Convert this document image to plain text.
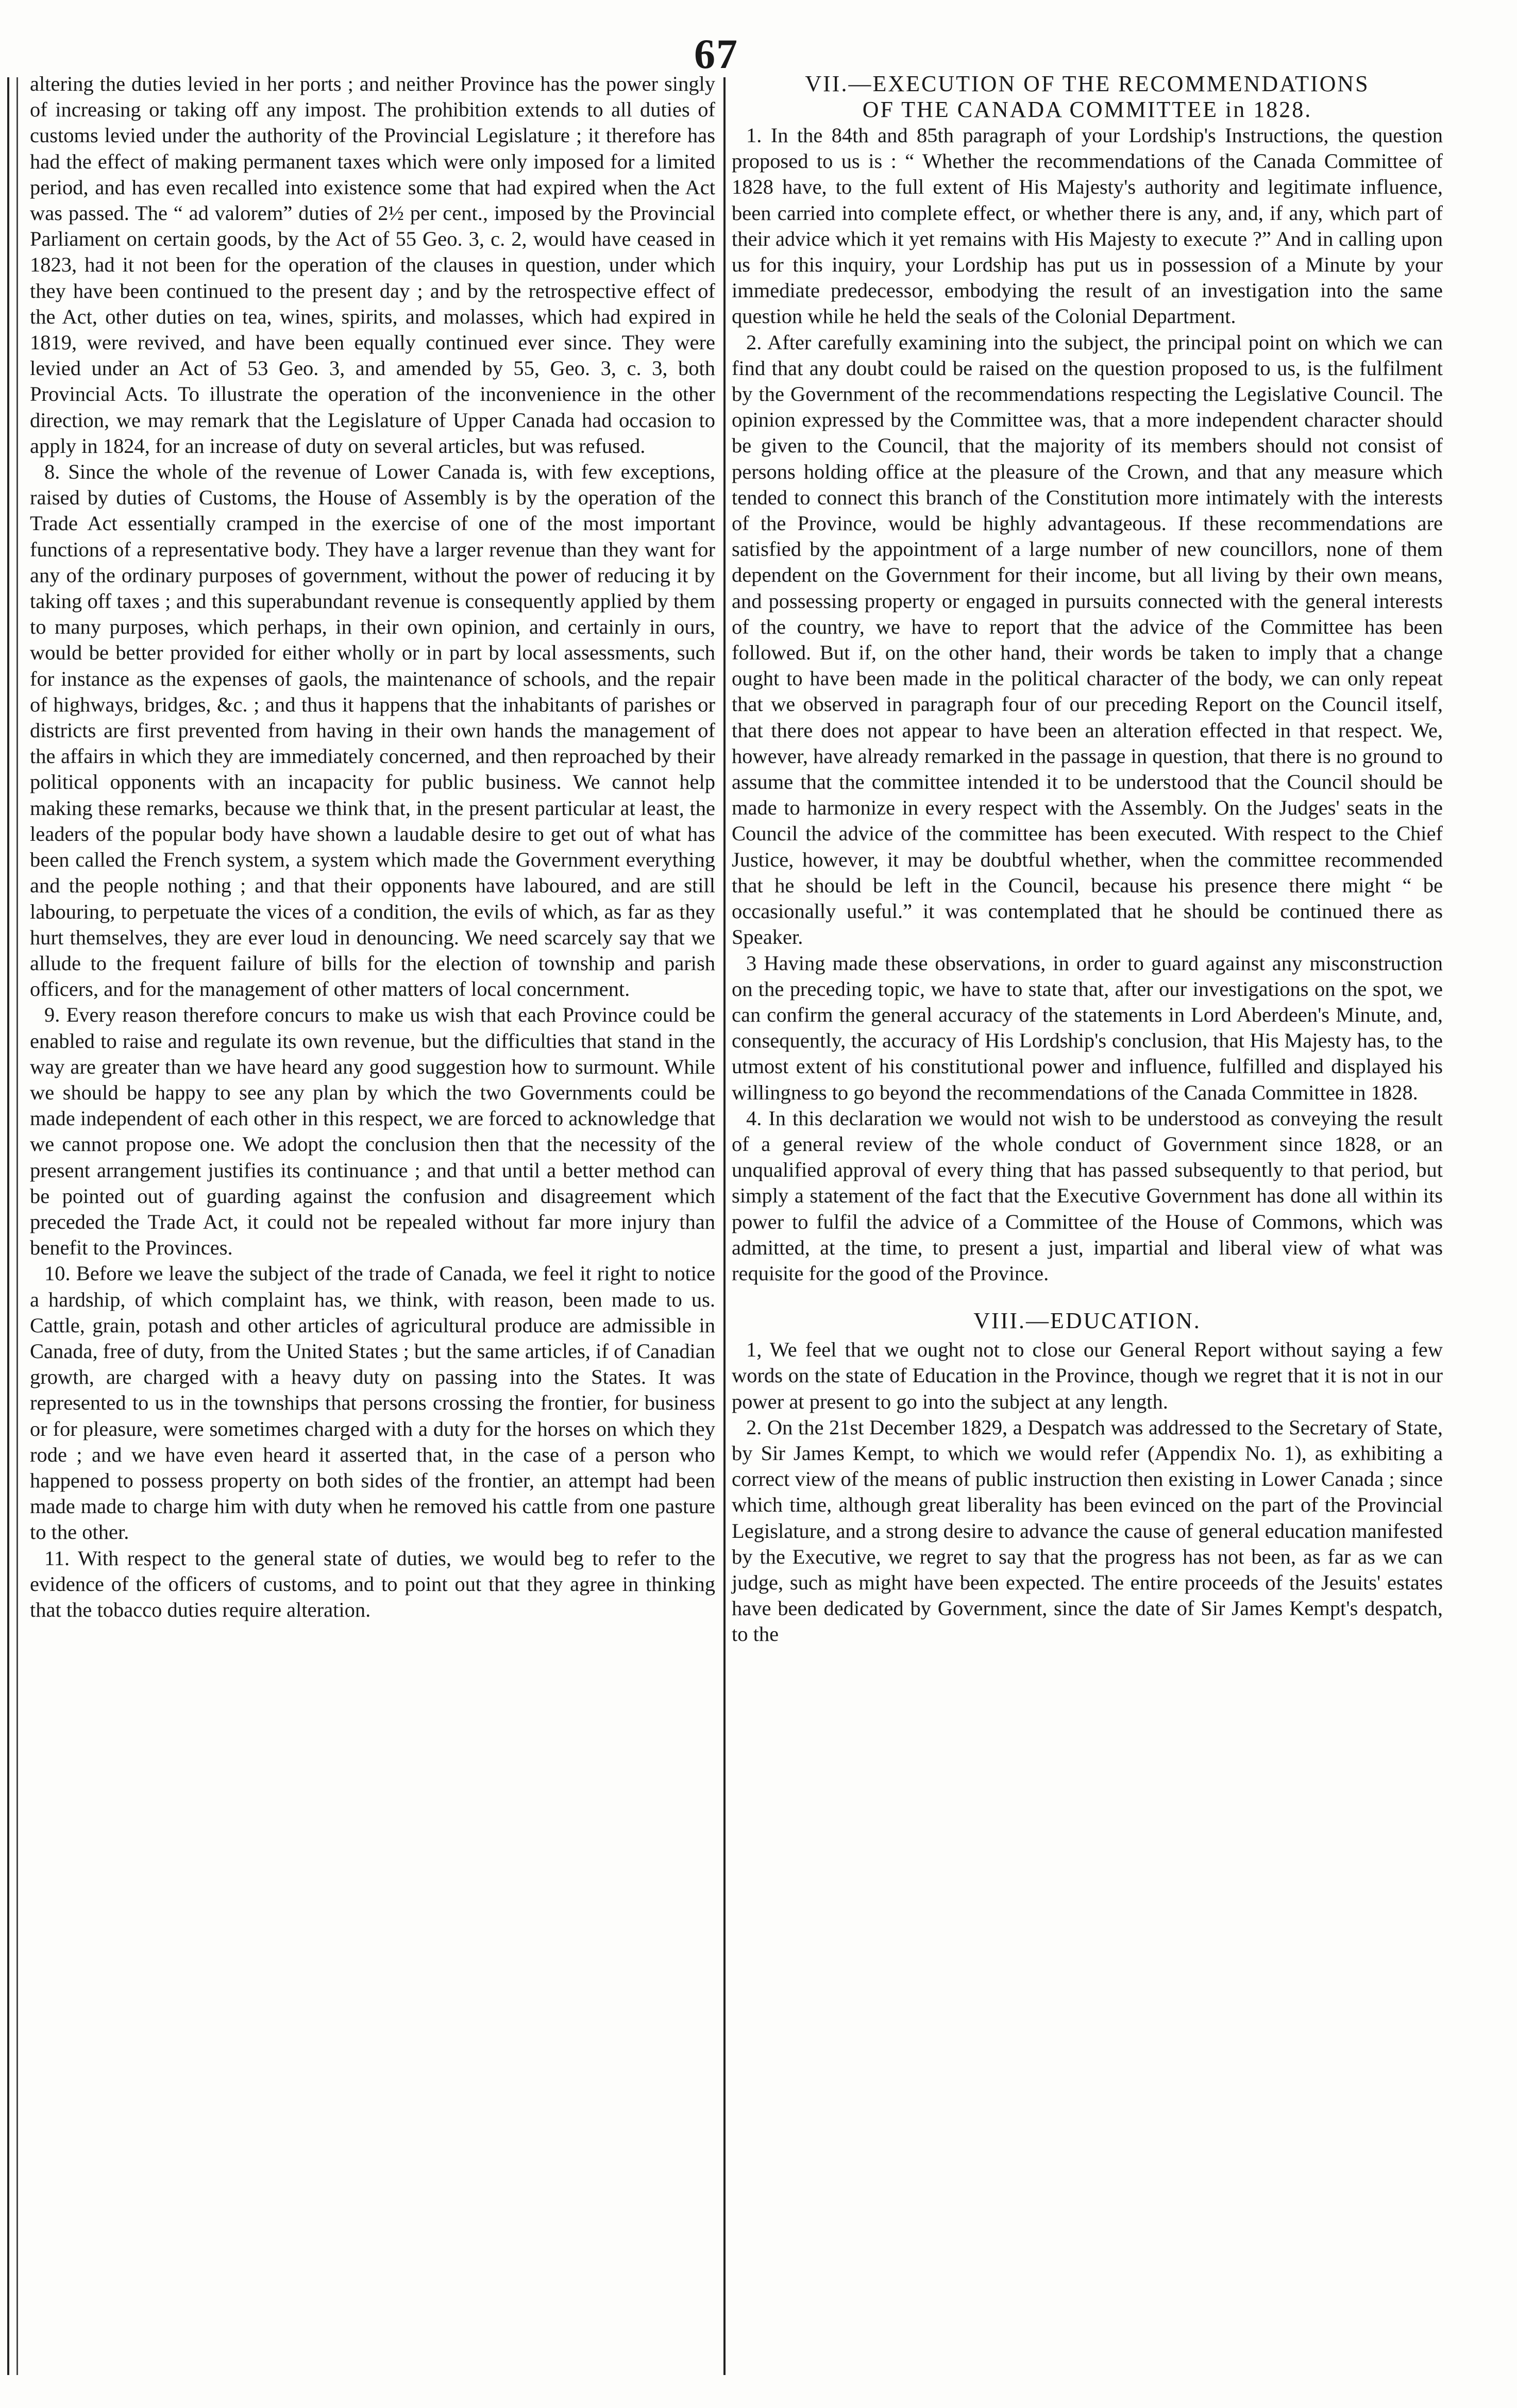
67

altering the duties levied in her ports ; and neither Province has the power singly of increasing or taking off any impost. The prohibition extends to all duties of customs levied under the authority of the Provincial Legislature ; it therefore has had the effect of making permanent taxes which were only imposed for a limited period, and has even recalled into existence some that had expired when the Act was passed. The “ ad valorem” duties of 2½ per cent., imposed by the Provincial Parliament on certain goods, by the Act of 55 Geo. 3, c. 2, would have ceased in 1823, had it not been for the operation of the clauses in question, under which they have been continued to the present day ; and by the retrospective effect of the Act, other duties on tea, wines, spirits, and molasses, which had expired in 1819, were revived, and have been equally continued ever since. They were levied under an Act of 53 Geo. 3, and amended by 55, Geo. 3, c. 3, both Provincial Acts. To illustrate the operation of the inconvenience in the other direction, we may remark that the Legislature of Upper Canada had occasion to apply in 1824, for an increase of duty on several articles, but was refused.

8. Since the whole of the revenue of Lower Canada is, with few exceptions, raised by duties of Customs, the House of Assembly is by the operation of the Trade Act essentially cramped in the exercise of one of the most important functions of a representative body. They have a larger revenue than they want for any of the ordinary purposes of government, without the power of reducing it by taking off taxes ; and this superabundant revenue is consequently applied by them to many purposes, which perhaps, in their own opinion, and certainly in ours, would be better provided for either wholly or in part by local assessments, such for instance as the expenses of gaols, the maintenance of schools, and the repair of highways, bridges, &c. ; and thus it happens that the inhabitants of parishes or districts are first prevented from having in their own hands the management of the affairs in which they are immediately concerned, and then reproached by their political opponents with an incapacity for public business. We cannot help making these remarks, because we think that, in the present particular at least, the leaders of the popular body have shown a laudable desire to get out of what has been called the French system, a system which made the Government everything and the people nothing ; and that their opponents have laboured, and are still labouring, to perpetuate the vices of a condition, the evils of which, as far as they hurt themselves, they are ever loud in denouncing. We need scarcely say that we allude to the frequent failure of bills for the election of township and parish officers, and for the management of other matters of local concernment.

9. Every reason therefore concurs to make us wish that each Province could be enabled to raise and regulate its own revenue, but the difficulties that stand in the way are greater than we have heard any good suggestion how to surmount. While we should be happy to see any plan by which the two Governments could be made independent of each other in this respect, we are forced to acknowledge that we cannot propose one. We adopt the conclusion then that the necessity of the present arrangement justifies its continuance ; and that until a better method can be pointed out of guarding against the confusion and disagreement which preceded the Trade Act, it could not be repealed without far more injury than benefit to the Provinces.

10. Before we leave the subject of the trade of Canada, we feel it right to notice a hardship, of which complaint has, we think, with reason, been made to us. Cattle, grain, potash and other articles of agricultural produce are admissible in Canada, free of duty, from the United States ; but the same articles, if of Canadian growth, are charged with a heavy duty on passing into the States. It was represented to us in the townships that persons crossing the frontier, for business or for pleasure, were sometimes charged with a duty for the horses on which they rode ; and we have even heard it asserted that, in the case of a person who happened to possess property on both sides of the frontier, an attempt had been made made to charge him with duty when he removed his cattle from one pasture to the other.

11. With respect to the general state of duties, we would beg to refer to the evidence of the officers of customs, and to point out that they agree in thinking that the tobacco duties require alteration.

VII.—EXECUTION OF THE RECOMMENDATIONS
OF THE CANADA COMMITTEE in 1828.

1. In the 84th and 85th paragraph of your Lordship's Instructions, the question proposed to us is : “ Whether the recommendations of the Canada Committee of 1828 have, to the full extent of His Majesty's authority and legitimate influence, been carried into complete effect, or whether there is any, and, if any, which part of their advice which it yet remains with His Majesty to execute ?” And in calling upon us for this inquiry, your Lordship has put us in possession of a Minute by your immediate predecessor, embodying the result of an investigation into the same question while he held the seals of the Colonial Department.

2. After carefully examining into the subject, the principal point on which we can find that any doubt could be raised on the question proposed to us, is the fulfilment by the Government of the recommendations respecting the Legislative Council. The opinion expressed by the Committee was, that a more independent character should be given to the Council, that the majority of its members should not consist of persons holding office at the pleasure of the Crown, and that any measure which tended to connect this branch of the Constitution more intimately with the interests of the Province, would be highly advantageous. If these recommendations are satisfied by the appointment of a large number of new councillors, none of them dependent on the Government for their income, but all living by their own means, and possessing property or engaged in pursuits connected with the general interests of the country, we have to report that the advice of the Committee has been followed. But if, on the other hand, their words be taken to imply that a change ought to have been made in the political character of the body, we can only repeat that we observed in paragraph four of our preceding Report on the Council itself, that there does not appear to have been an alteration effected in that respect. We, however, have already remarked in the passage in question, that there is no ground to assume that the committee intended it to be understood that the Council should be made to harmonize in every respect with the Assembly. On the Judges' seats in the Council the advice of the committee has been executed. With respect to the Chief Justice, however, it may be doubtful whether, when the committee recommended that he should be left in the Council, because his presence there might “ be occasionally useful.” it was contemplated that he should be continued there as Speaker.

3 Having made these observations, in order to guard against any misconstruction on the preceding topic, we have to state that, after our investigations on the spot, we can confirm the general accuracy of the statements in Lord Aberdeen's Minute, and, consequently, the accuracy of His Lordship's conclusion, that His Majesty has, to the utmost extent of his constitutional power and influence, fulfilled and displayed his willingness to go beyond the recommendations of the Canada Committee in 1828.

4. In this declaration we would not wish to be understood as conveying the result of a general review of the whole conduct of Government since 1828, or an unqualified approval of every thing that has passed subsequently to that period, but simply a statement of the fact that the Executive Government has done all within its power to fulfil the advice of a Committee of the House of Commons, which was admitted, at the time, to present a just, impartial and liberal view of what was requisite for the good of the Province.

VIII.—EDUCATION.

1, We feel that we ought not to close our General Report without saying a few words on the state of Education in the Province, though we regret that it is not in our power at present to go into the subject at any length.

2. On the 21st December 1829, a Despatch was addressed to the Secretary of State, by Sir James Kempt, to which we would refer (Appendix No. 1), as exhibiting a correct view of the means of public instruction then existing in Lower Canada ; since which time, although great liberality has been evinced on the part of the Provincial Legislature, and a strong desire to advance the cause of general education manifested by the Executive, we regret to say that the progress has not been, as far as we can judge, such as might have been expected. The entire proceeds of the Jesuits' estates have been dedicated by Government, since the date of Sir James Kempt's despatch, to the
